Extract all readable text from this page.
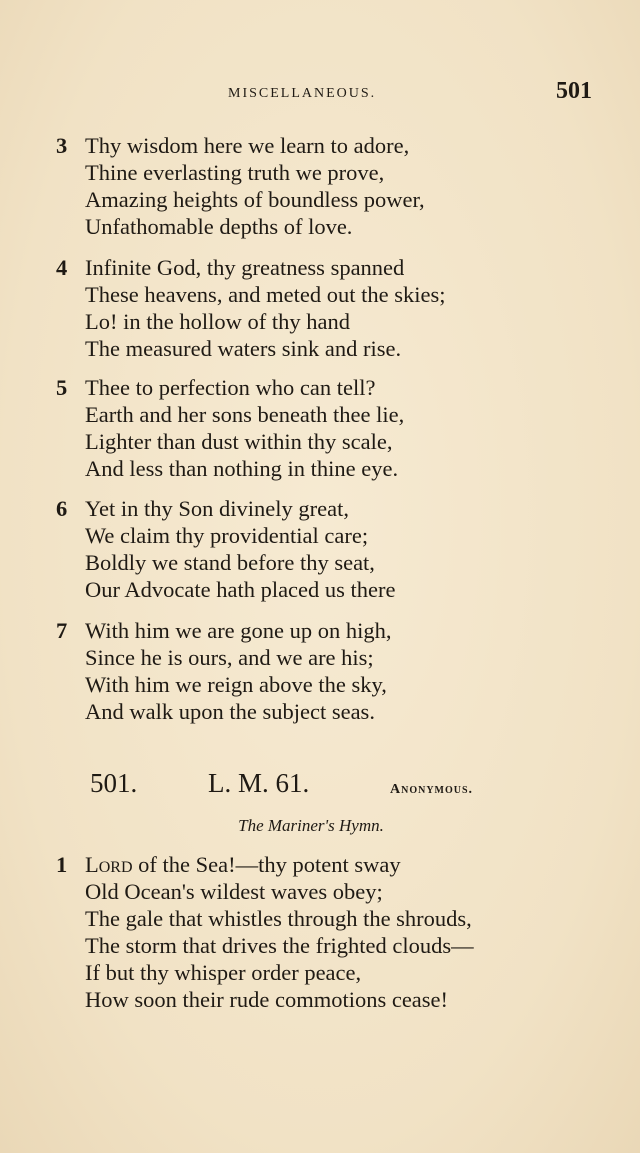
MISCELLANEOUS.	501
3 Thy wisdom here we learn to adore,
Thine everlasting truth we prove,
Amazing heights of boundless power,
Unfathomable depths of love.
4 Infinite God, thy greatness spanned
These heavens, and meted out the skies;
Lo! in the hollow of thy hand
The measured waters sink and rise.
5 Thee to perfection who can tell?
Earth and her sons beneath thee lie,
Lighter than dust within thy scale,
And less than nothing in thine eye.
6 Yet in thy Son divinely great,
We claim thy providential care;
Boldly we stand before thy seat,
Our Advocate hath placed us there
7 With him we are gone up on high,
Since he is ours, and we are his;
With him we reign above the sky,
And walk upon the subject seas.
501.	L. M. 61.	Anonymous.
The Mariner's Hymn.
1 Lord of the Sea!—thy potent sway
Old Ocean's wildest waves obey;
The gale that whistles through the shrouds,
The storm that drives the frighted clouds—
If but thy whisper order peace,
How soon their rude commotions cease!
